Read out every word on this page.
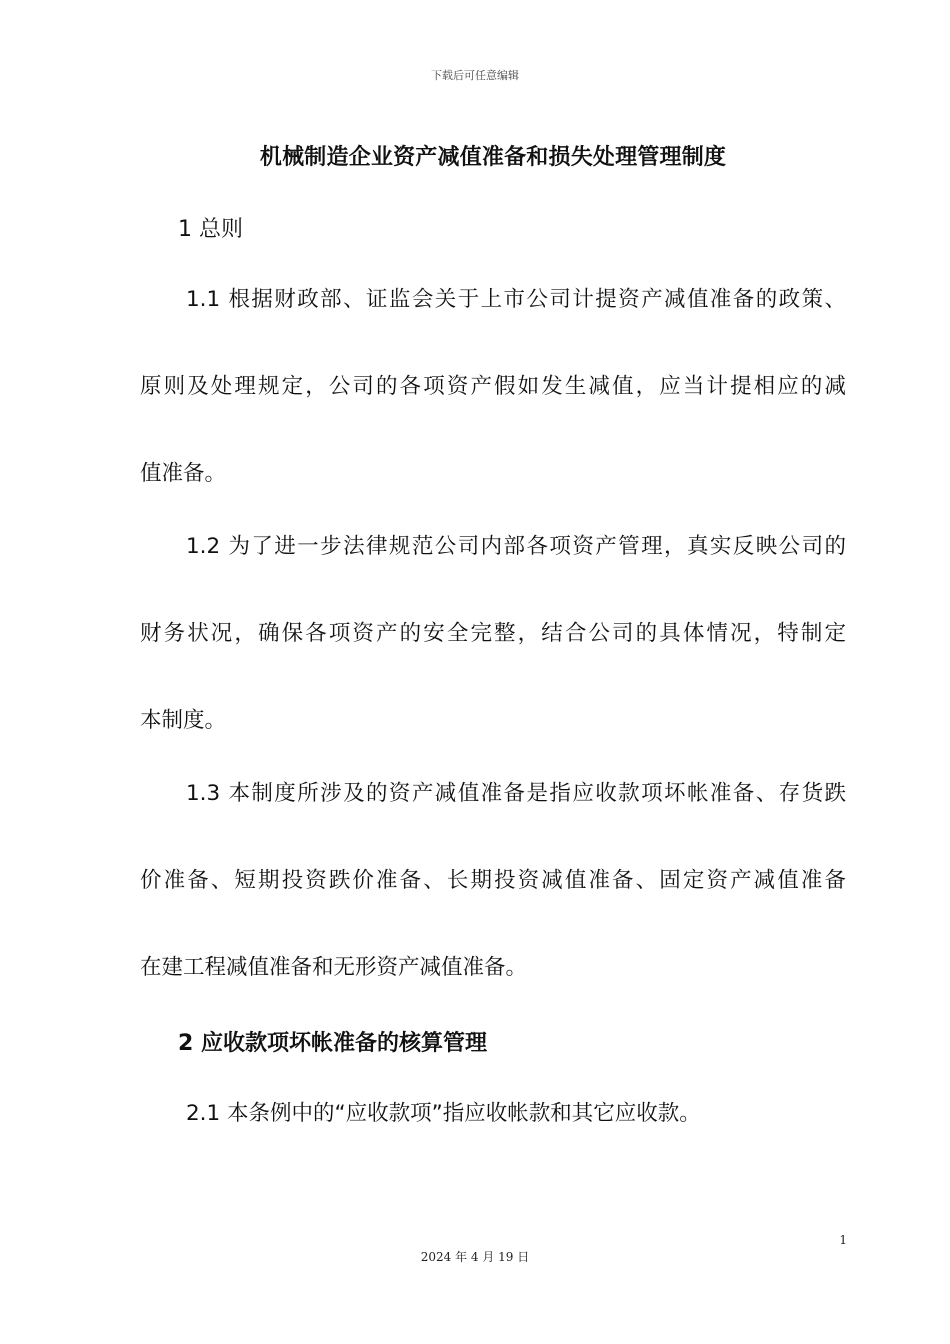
下载后可任意编辑
机械制造企业资产减值准备和损失处理管理制度
1 总则
1.1 根据财政部、证监会关于上市公司计提资产减值准备的政策、
原则及处理规定，公司的各项资产假如发生减值，应当计提相应的减
值准备。
1.2 为了进一步法律规范公司内部各项资产管理，真实反映公司的
财务状况，确保各项资产的安全完整，结合公司的具体情况，特制定
本制度。
1.3 本制度所涉及的资产减值准备是指应收款项坏帐准备、存货跌
价准备、短期投资跌价准备、长期投资减值准备、固定资产减值准备
在建工程减值准备和无形资产减值准备。
2 应收款项坏帐准备的核算管理
2.1 本条例中的“应收款项”指应收帐款和其它应收款。
1
2024 年 4 月 19 日
